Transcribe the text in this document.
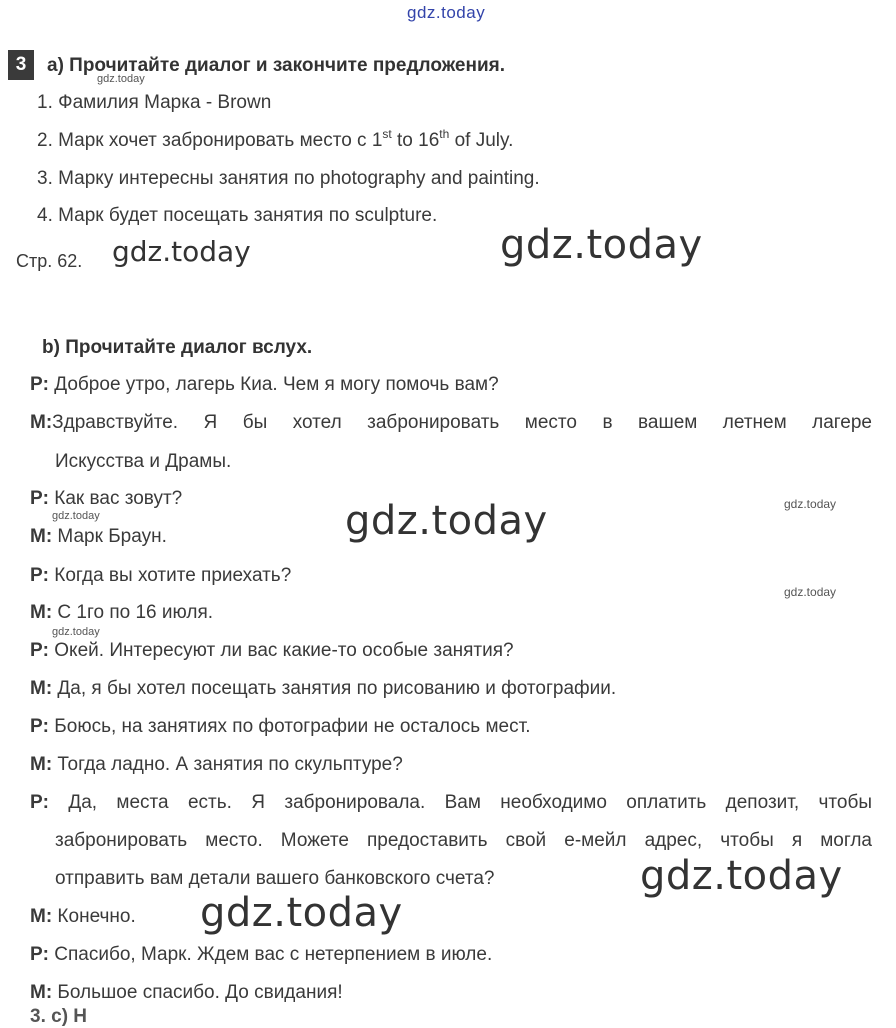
gdz.today
3	a) Прочитайте диалог и закончите предложения.
gdz.today
1. Фамилия Марка - Brown
2. Марк хочет забронировать место с 1st to 16th of July.
3. Марку интересны занятия по photography and painting.
4. Марк будет посещать занятия по sculpture.
Стр. 62. gdz.today	gdz.today
b) Прочитайте диалог вслух.
P: Доброе утро, лагерь Киа. Чем я могу помочь вам?
M:Здравствуйте. Я бы хотел забронировать место в вашем летнем лагере
Искусства и Драмы.
P: Как вас зовут?
gdz.today
gdz.today
gdz.today
M: Марк Браун.
P: Когда вы хотите приехать?
gdz.today
M: С 1го по 16 июля.
gdz.today
P: Окей. Интересуют ли вас какие-то особые занятия?
M: Да, я бы хотел посещать занятия по рисованию и фотографии.
P: Боюсь, на занятиях по фотографии не осталось мест.
M: Тогда ладно. А занятия по скульптуре?
P: Да, места есть. Я забронировала. Вам необходимо оплатить депозит, чтобы
забронировать место. Можете предоставить свой е-мейл адрес, чтобы я могла
отправить вам детали вашего банковского счета?	gdz.today
M: Конечно. gdz.today
P: Спасибо, Марк. Ждем вас с нетерпением в июле.
M: Большое спасибо. До свидания!
3. c) Н
